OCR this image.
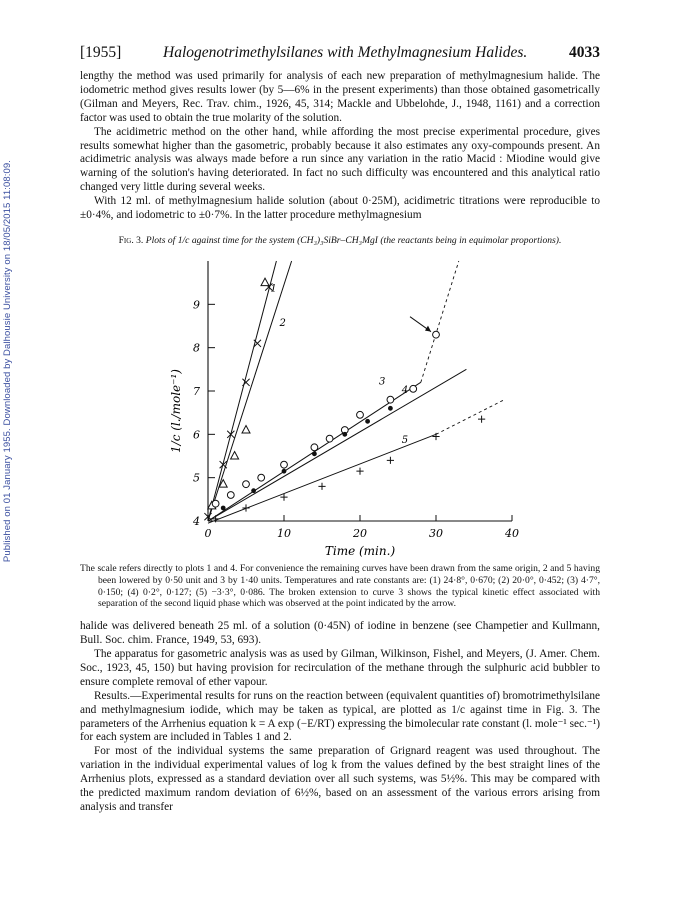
Published on 01 January 1955. Downloaded by Dalhousie University on 18/05/2015 11:08:09.
[1955]	Halogenotrimethylsilanes with Methylmagnesium Halides.	4033

lengthy the method was used primarily for analysis of each new preparation of methylmagnesium halide. The iodometric method gives results lower (by 5—6% in the present experiments) than those obtained gasometrically (Gilman and Meyers, Rec. Trav. chim., 1926, 45, 314; Mackle and Ubbelohde, J., 1948, 1161) and a correction factor was used to obtain the true molarity of the solution.

The acidimetric method on the other hand, while affording the most precise experimental procedure, gives results somewhat higher than the gasometric, probably because it also estimates any oxy-compounds present. An acidimetric analysis was always made before a run since any variation in the ratio Macid : Miodine would give warning of the solution's having deteriorated. In fact no such difficulty was encountered and this analytical ratio changed very little during several weeks.

With 12 ml. of methylmagnesium halide solution (about 0·25M), acidimetric titrations were reproducible to ±0·4%, and iodometric to ±0·7%. In the latter procedure methylmagnesium

Fig. 3. Plots of 1/c against time for the system (CH₃)₃SiBr–CH₃MgI (the reactants being in equimolar proportions).
0	10	20	30	40
4
5
6
7
8
9
Time (min.)
1/c (l./mole⁻¹)
1
2
3
4
5

The scale refers directly to plots 1 and 4. For convenience the remaining curves have been drawn from the same origin, 2 and 5 having been lowered by 0·50 unit and 3 by 1·40 units. Temperatures and rate constants are: (1) 24·8°, 0·670; (2) 20·0°, 0·452; (3) 4·7°, 0·150; (4) 0·2°, 0·127; (5) −3·3°, 0·086. The broken extension to curve 3 shows the typical kinetic effect associated with separation of the second liquid phase which was observed at the point indicated by the arrow.

halide was delivered beneath 25 ml. of a solution (0·45N) of iodine in benzene (see Champetier and Kullmann, Bull. Soc. chim. France, 1949, 53, 693).

The apparatus for gasometric analysis was as used by Gilman, Wilkinson, Fishel, and Meyers, (J. Amer. Chem. Soc., 1923, 45, 150) but having provision for recirculation of the methane through the sulphuric acid bubbler to ensure complete removal of ether vapour.

Results.—Experimental results for runs on the reaction between (equivalent quantities of) bromotrimethylsilane and methylmagnesium iodide, which may be taken as typical, are plotted as 1/c against time in Fig. 3. The parameters of the Arrhenius equation k = A exp (−E/RT) expressing the bimolecular rate constant (l. mole⁻¹ sec.⁻¹) for each system are included in Tables 1 and 2.

For most of the individual systems the same preparation of Grignard reagent was used throughout. The variation in the individual experimental values of log k from the values defined by the best straight lines of the Arrhenius plots, expressed as a standard deviation over all such systems, was 5½%. This may be compared with the predicted maximum random deviation of 6½%, based on an assessment of the various errors arising from analysis and transfer
